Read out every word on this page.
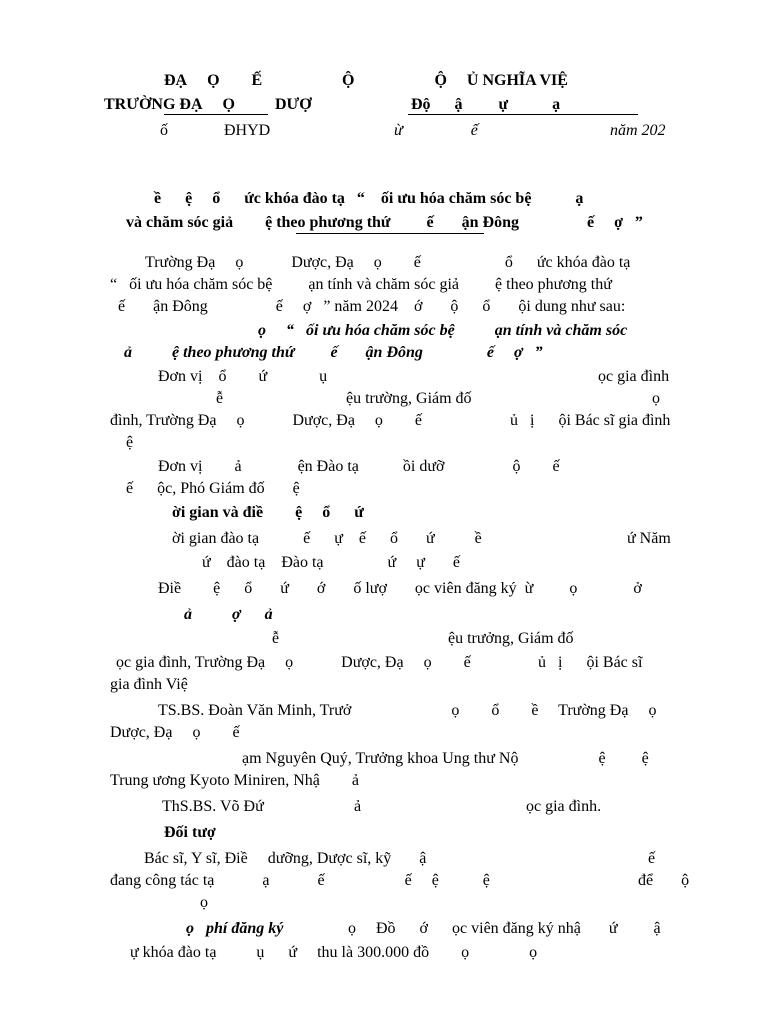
ĐẠ     Ọ        Ế	Ộ                    Ộ     Ủ NGHĨA VIỆ
TRƯỜNG ĐẠ     Ọ          DƯỢ	Độ      ậ         ự           ạ
ố              ĐHYD	ừ                 ế	năm 202
ề      ệ     ổ      ức khóa đào tạ   “    ối ưu hóa chăm sóc bệ           ạ
và chăm sóc giả        ệ theo phương thứ         ế       ận Đông                 ế     ợ   ”
Trường Đạ     ọ            Dược, Đạ     ọ        ế                     ổ      ức khóa đào tạ
“   ối ưu hóa chăm sóc bệ         ạn tính và chăm sóc giả         ệ theo phương thứ
ế       ận Đông                 ế     ợ   ” năm 2024    ớ       ộ      ổ       ội dung như sau:
ọ     “   ối ưu hóa chăm sóc bệ          ạn tính và chăm sóc
ả          ệ theo phương thứ         ế       ận Đông                ế     ợ   ”
Đơn vị    ổ        ứ             ụ	ọc gia đình
ễ	ệu trường, Giám đố	ọ
đình, Trường Đạ     ọ            Dược, Đạ     ọ        ế	ủ   ị      ội Bác sĩ gia đình
ệ
Đơn vị        ả              ện Đào tạ           ồi dưỡ                 ộ        ế
ế      ộc, Phó Giám đố       ệ
ời gian và điề        ệ     ổ      ứ
ời gian đào tạ           ế      ự    ế      ổ       ứ          ề	ứ Năm
ứ    đào tạ    Đào tạ                ứ     ự       ế
Điề        ệ      ổ       ứ       ớ       ố lượ       ọc viên đăng ký  ừ         ọ              ở
ả          ợ      ả
ễ	ệu trưởng, Giám đố
ọc gia đình, Trường Đạ     ọ            Dược, Đạ     ọ        ế	ủ   ị      ội Bác sĩ
gia đình Việ
TS.BS. Đoàn Văn Minh, Trưở                         ọ        ổ        ề     Trường Đạ     ọ
Dược, Đạ     ọ        ế
ạm Nguyên Quý, Trưởng khoa Ung thư Nộ                    ệ         ệ
Trung ương Kyoto Miniren, Nhậ        ả
ThS.BS. Võ Đứ	ả	ọc gia đình.
Đối tượ
Bác sĩ, Y sĩ, Điề     dưỡng, Dược sĩ, kỹ       ậ	ế
đang công tác tạ            ạ            ế                    ế     ệ           ệ	để       ộ
ọ
ọ   phí đăng ký	ọ     Đồ      ớ      ọc viên đăng ký nhậ       ứ         ậ
ự khóa đào tạ          ụ      ứ     thu là 300.000 đồ        ọ               ọ
